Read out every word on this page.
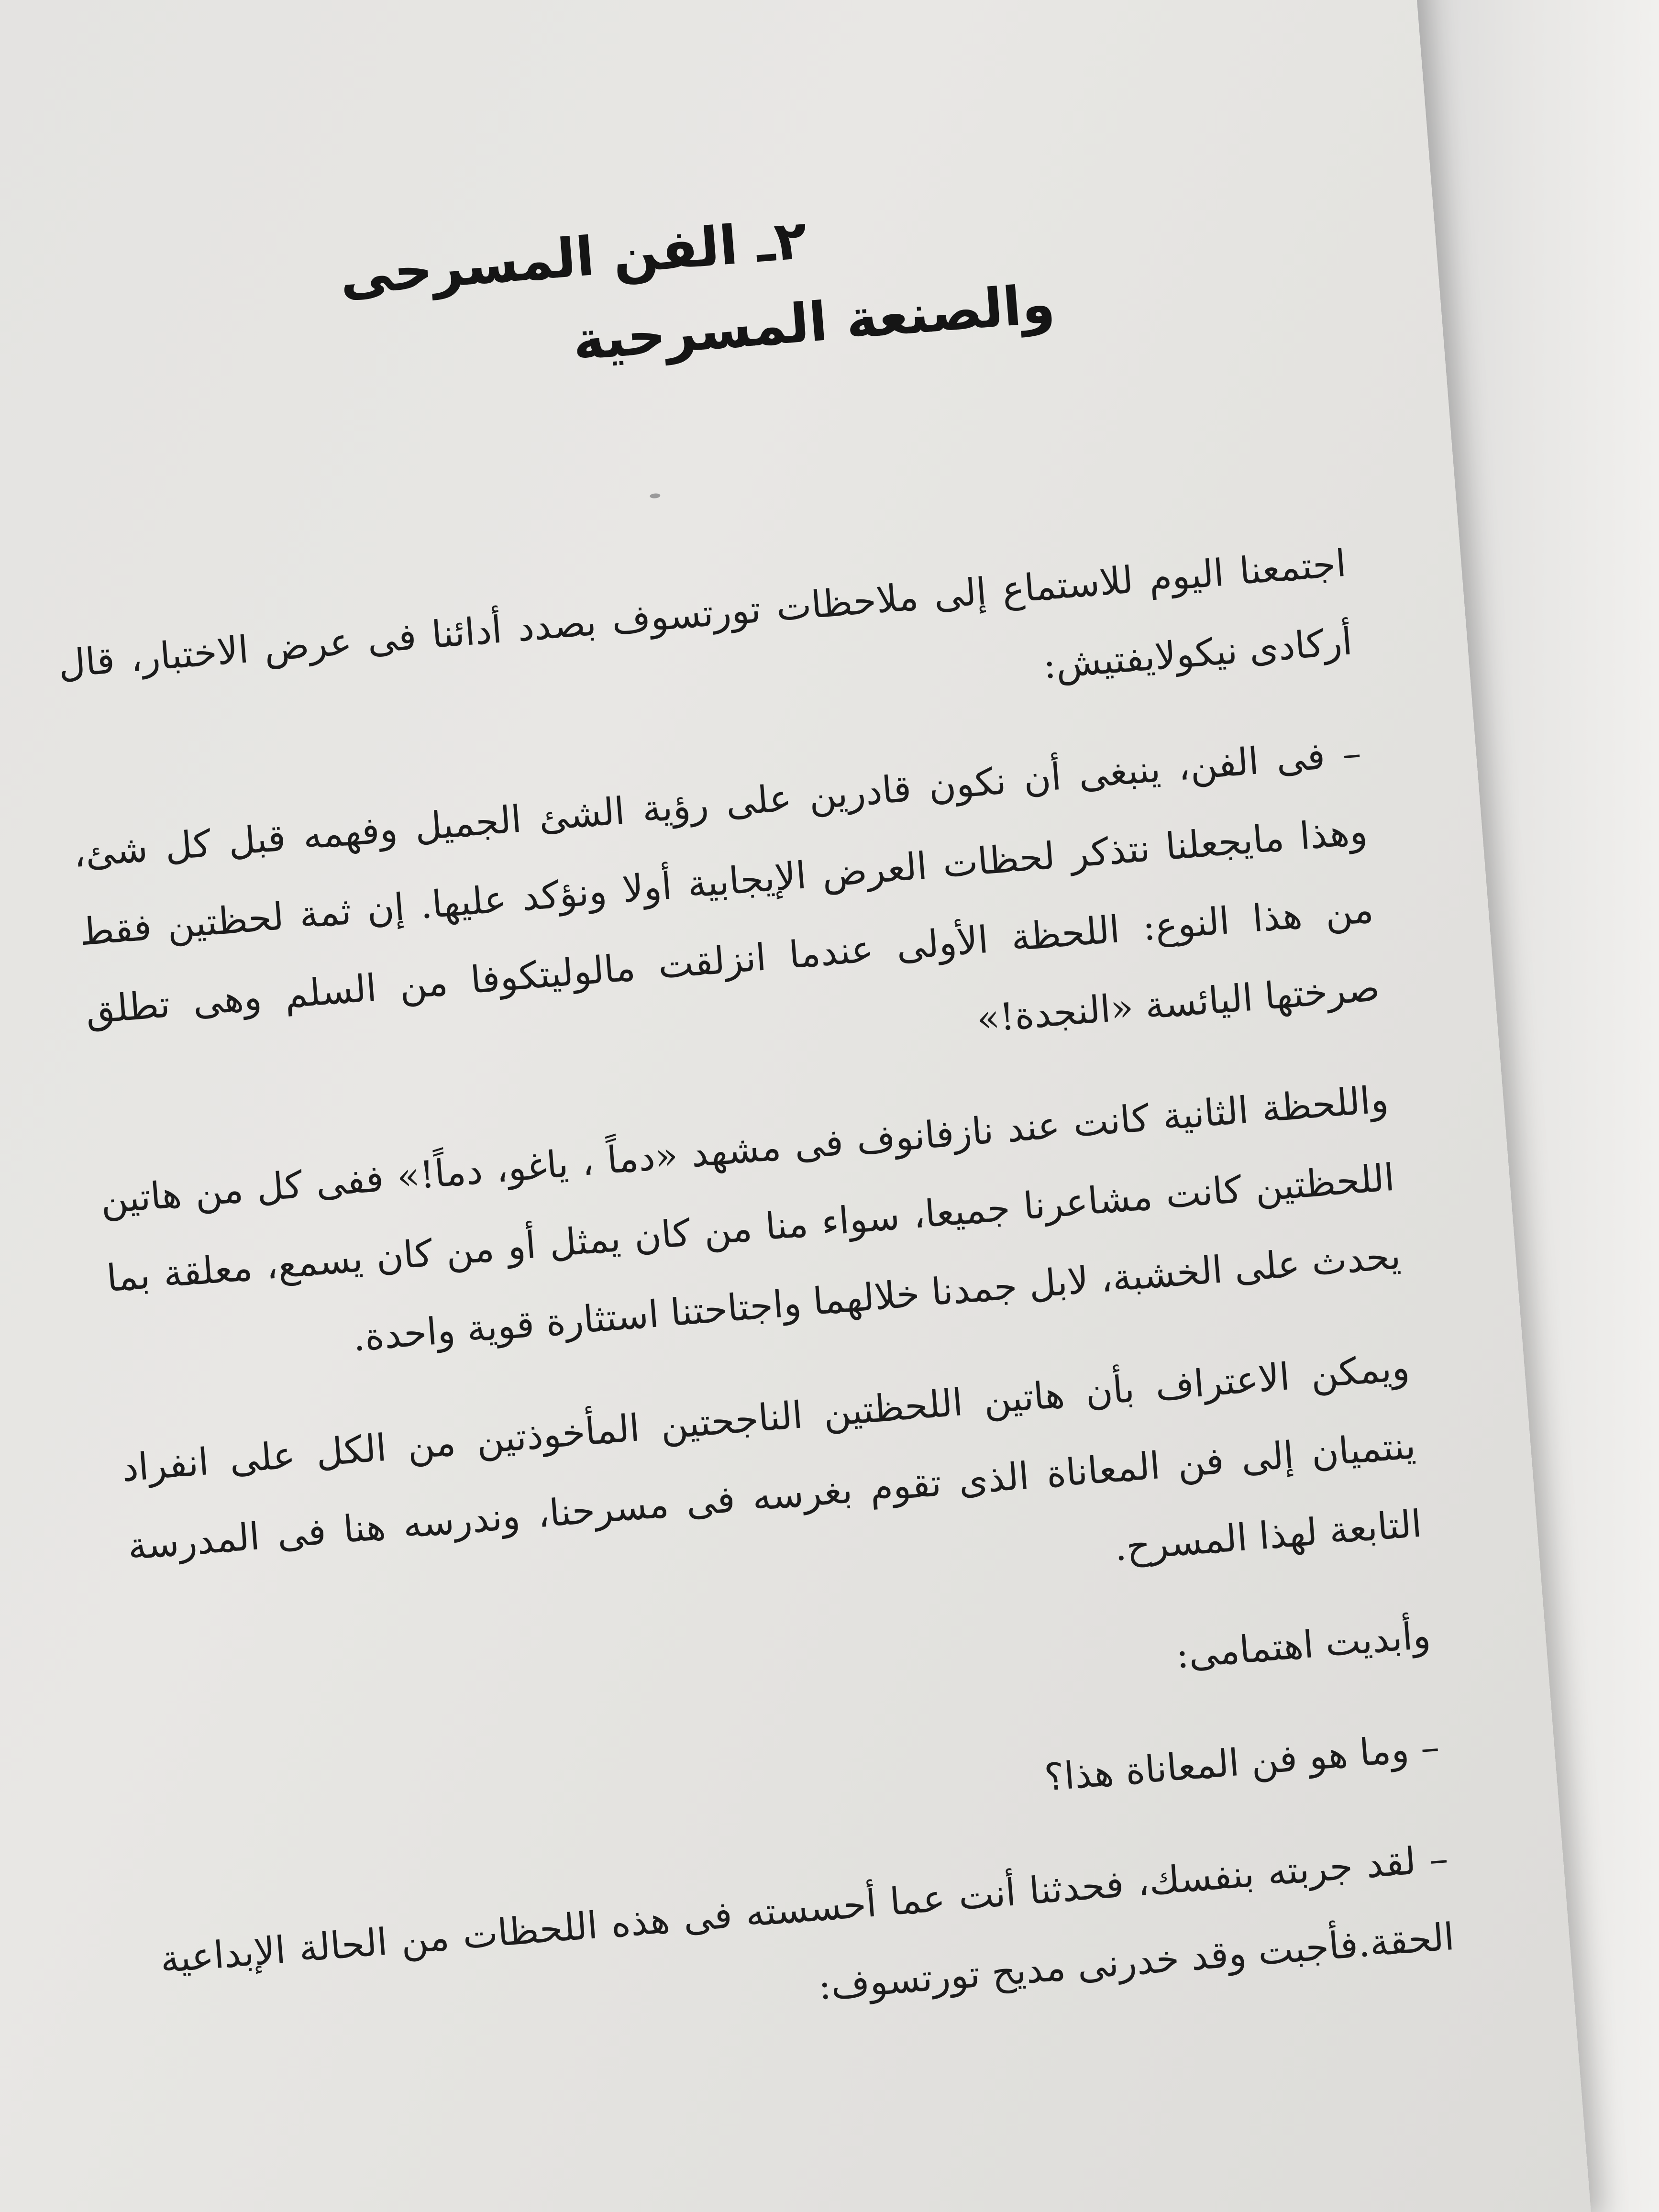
٢ـ الفن المسرحى
والصنعة المسرحية

اجتمعنا اليوم للاستماع إلى ملاحظات تورتسوف بصدد أدائنا فى عرض الاختبار، قال أركادى نيكولايفتيش:

– فى الفن، ينبغى أن نكون قادرين على رؤية الشئ الجميل وفهمه قبل كل شئ، وهذا مايجعلنا نتذكر لحظات العرض الإيجابية أولا ونؤكد عليها. إن ثمة لحظتين فقط من هذا النوع: اللحظة الأولى عندما انزلقت مالوليتكوفا من السلم وهى تطلق صرختها اليائسة «النجدة!»

واللحظة الثانية كانت عند نازفانوف فى مشهد «دماً ، ياغو، دماً!» ففى كل من هاتين اللحظتين كانت مشاعرنا جميعا، سواء منا من كان يمثل أو من كان يسمع، معلقة بما يحدث على الخشبة، لابل جمدنا خلالهما واجتاحتنا استثارة قوية واحدة.

ويمكن الاعتراف بأن هاتين اللحظتين الناجحتين المأخوذتين من الكل على انفراد ينتميان إلى فن المعاناة الذى تقوم بغرسه فى مسرحنا، وندرسه هنا فى المدرسة التابعة لهذا المسرح.

وأبديت اهتمامى:

– وما هو فن المعاناة هذا؟

– لقد جربته بنفسك، فحدثنا أنت عما أحسسته فى هذه اللحظات من الحالة الإبداعية الحقة.فأجبت وقد خدرنى مديح تورتسوف:
